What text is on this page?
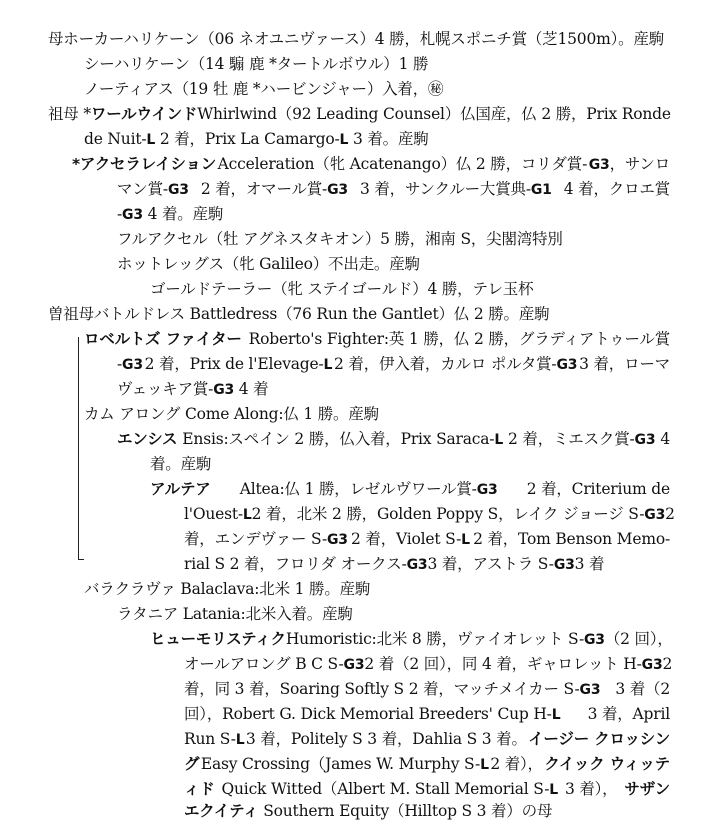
母ホーカーハリケーン（06 ネオユニヴァース）4 勝，札幌スポニチ賞（芝1500m）。産駒
シーハリケーン（14 騸 鹿 *タートルボウル）1 勝
ノーティアス（19 牡 鹿 *ハービンジャー）入着，㊙
祖母 * ワールウインド Whirlwind（92 Leading Counsel）仏国産，仏 2 勝，Prix Ronde
de Nuit-L 2 着，Prix La Camargo-L 3 着。産駒
*アクセラレイション Acceleration（牝 Acatenango）仏 2 勝，コリダ賞- G3，サンロ
マン賞-G3 2 着，オマール賞-G3 3 着，サンクルー大賞典-G1 4 着，クロエ賞
-G3 4 着。産駒
フルアクセル（牡 アグネスタキオン）5 勝，湘南 S，尖閣湾特別
ホットレッグス（牝 Galileo）不出走。産駒
ゴールドテーラー（牝 ステイゴールド）4 勝，テレ玉杯
曽祖母バトルドレス Battledress（76 Run the Gantlet）仏 2 勝。産駒
ロベルトズ ファイター Roberto's Fighter:英 1 勝，仏 2 勝，グラディアトゥール賞
-G3 2 着，Prix de l'Elevage-L 2 着，伊入着，カルロ ポルタ賞-G3 3 着，ローマ
ヴェッキア賞-G3 4 着
カム アロング Come Along:仏 1 勝。産駒
エンシス Ensis:スペイン 2 勝，仏入着，Prix Saraca-L 2 着，ミエスク賞-G3 4
着。産駒
アルテア Altea:仏 1 勝，レゼルヴワール賞-G3 2 着，Criterium de
l'Ouest-L 2 着，北米 2 勝，Golden Poppy S，レイク ジョージ S-G3 2
着，エンデヴァー S-G3 2 着，Violet S-L 2 着，Tom Benson Memo-
rial S 2 着，フロリダ オークス-G3 3 着，アストラ S-G3 3 着
バラクラヴァ Balaclava:北米 1 勝。産駒
ラタニア Latania:北米入着。産駒
ヒューモリスティク Humoristic:北米 8 勝，ヴァイオレット S-G3 （2 回），
オールアロング B C S-G3 2 着（2 回），同 4 着，ギャロレット H-G3 2
着，同 3 着，Soaring Softly S 2 着，マッチメイカー S-G3 3 着（2
回），Robert G. Dick Memorial Breeders' Cup H-L 3 着，April
Run S-L 3 着，Politely S 3 着，Dahlia S 3 着。 イージー クロッシン
グ Easy Crossing（James W. Murphy S-L 2 着）， クイック ウィッテ
ィド Quick Witted（Albert M. Stall Memorial S-L 3 着）， サザン
エクイティ Southern Equity（Hilltop S 3 着）の母
